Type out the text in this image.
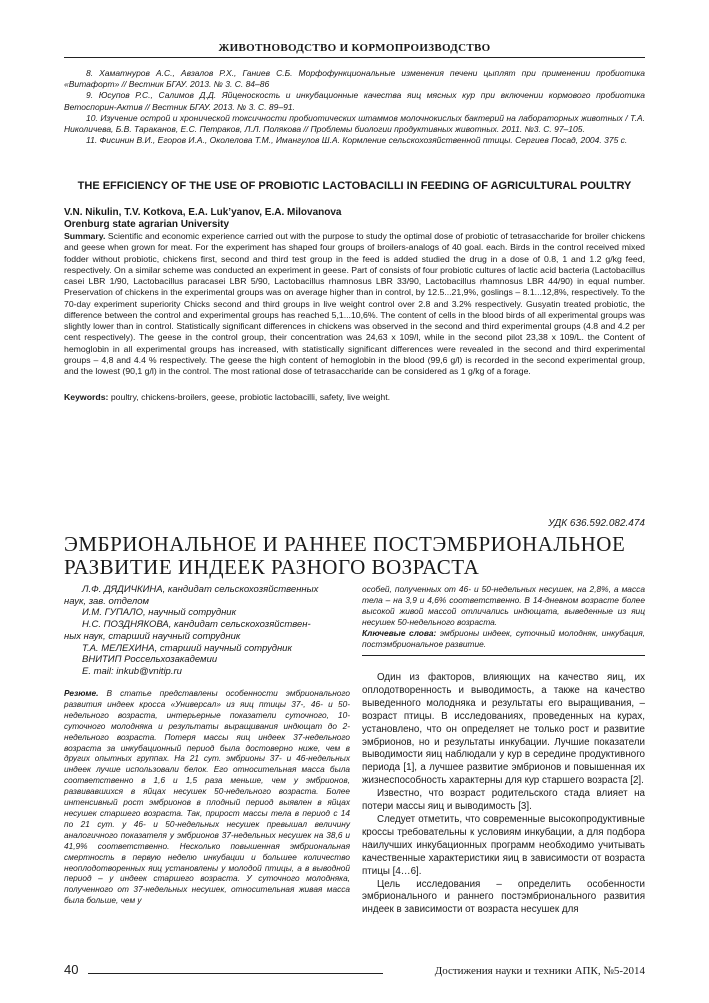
ЖИВОТНОВОДСТВО И КОРМОПРОИЗВОДСТВО

8. Хаматнуров А.С., Авзалов Р.Х., Ганиев С.Б. Морфофункциональные изменения печени цыплят при применении пробиотика «Витафорт» // Вестник БГАУ. 2013. № 3. С. 84–86

9. Юсупов Р.С., Салимов Д.Д. Яйценоскость и инкубационные качества яиц мясных кур при включении кормового пробиотика Ветоспорин-Актив // Вестник БГАУ. 2013. № 3. С. 89–91.

10. Изучение острой и хронической токсичности пробиотических штаммов молочнокислых бактерий на лабораторных животных / Т.А. Николичева, Б.В. Тараканов, Е.С. Петраков, Л.Л. Полякова // Проблемы биологии продуктивных животных. 2011. №3. С. 97–105.

11. Фисинин В.И., Егоров И.А., Околелова Т.М., Имангулов Ш.А. Кормление сельскохозяйственной птицы. Сергиев Посад, 2004. 375 с.

THE EFFICIENCY OF THE USE OF PROBIOTIC LACTOBACILLI IN FEEDING OF AGRICULTURAL POULTRY
V.N. Nikulin, T.V. Kotkova, E.A. Luk’yanov, E.A. Milovanova
Orenburg state agrarian University

Summary. Scientific and economic experience carried out with the purpose to study the optimal dose of probiotic of tetrasaccharide for broiler chickens and geese when grown for meat. For the experiment has shaped four groups of broilers-analogs of 40 goal. each. Birds in the control received mixed fodder without probiotic, chickens first, second and third test group in the feed is added studied the drug in a dose of 0.8, 1 and 1.2 g/kg feed, respectively. On a similar scheme was conducted an experiment in geese. Part of consists of four probiotic cultures of lactic acid bacteria (Lactobacillus casei LBR 1/90, Lactobacillus paracasei LBR 5/90, Lactobacillus rhamnosus LBR 33/90, Lactobacillus rhamnosus LBR 44/90) in equal number. Preservation of chickens in the experimental groups was on average higher than in control, by 12.5...21,9%, goslings – 8.1...12,8%, respectively. To the 70-day experiment superiority Chicks second and third groups in live weight control over 2.8 and 3.2% respectively. Gusyatin treated probiotic, the difference between the control and experimental groups has reached 5,1...10,6%. The content of cells in the blood birds of all experimental groups was slightly lower than in control. Statistically significant differences in chickens was observed in the second and third experimental groups (4.8 and 4.2 per cent respectively). The geese in the control group, their concentration was 24,63 x 109/l, while in the second pilot 23,38 x 109/L. the Content of hemoglobin in all experimental groups has increased, with statistically significant differences were revealed in the second and third experimental groups – 4,8 and 4.4 % respectively. The geese the high content of hemoglobin in the blood (99,6 g/l) is recorded in the second experimental group, and the lowest (90,1 g/l) in the control. The most rational dose of tetrasaccharide can be considered as 1 g/kg of a forage.

Keywords: poultry, chickens-broilers, geese, probiotic lactobacilli, safety, live weight.
УДК 636.592.082.474
ЭМБРИОНАЛЬНОЕ И РАННЕЕ ПОСТЭМБРИОНАЛЬНОЕ
РАЗВИТИЕ ИНДЕЕК РАЗНОГО ВОЗРАСТА
Л.Ф. ДЯДИЧКИНА, кандидат сельскохозяйственных
наук, зав. отделом
И.М. ГУПАЛО, научный сотрудник
Н.С. ПОЗДНЯКОВА, кандидат сельскохозяйствен-
ных наук, старший научный сотрудник
Т.А. МЕЛЕХИНА, старший научный сотрудник
ВНИТИП Россельхозакадемии
E. mail: inkub@vnitip.ru

Резюме. В статье представлены особенности эмбрионального развития индеек кросса «Универсал» из яиц птицы 37-, 46- и 50-недельного возраста, интерьерные показатели суточного, 10-суточного молодняка и результаты выращивания индющат до 2-недельного возраста. Потеря массы яиц индеек 37-недельного возраста за инкубационный период была достоверно ниже, чем в других опытных группах. На 21 сут. эмбрионы 37- и 46-недельных индеек лучше использовали белок. Его относительная масса была соответственно в 1,6 и 1,5 раза меньше, чем у эмбрионов, развивавшихся в яйцах несушек 50-недельного возраста. Более интенсивный рост эмбрионов в плодный период выявлен в яйцах несушек старшего возраста. Так, прирост массы тела в период с 14 по 21 сут. у 46- и 50-недельных несушек превышал величину аналогичного показателя у эмбрионов 37-недельных несушек на 38,6 и 41,9% соответственно. Несколько повышенная эмбриональная смертность в первую неделю инкубации и большее количество неоплодотворенных яиц установлены у молодой птицы, а в выводной период – у индеек старшего возраста. У суточного молодняка, полученного от 37-недельных несушек, относительная живая масса была больше, чем у

особей, полученных от 46- и 50-недельных несушек, на 2,8%, а масса тела – на 3,9 и 4,6% соответственно. В 14-дневном возрасте более высокой живой массой отличались индющата, выведенные из яиц несушек 50-недельного возраста.

Ключевые слова: эмбрионы индеек, суточный молодняк, инкубация, постэмбриональное развитие.

Один из факторов, влияющих на качество яиц, их оплодотворенность и выводимость, а также на качество выведенного молодняка и результаты его выращивания, – возраст птицы. В исследованиях, проведенных на курах, установлено, что он определяет не только рост и развитие эмбрионов, но и результаты инкубации. Лучшие показатели выводимости яиц наблюдали у кур в середине продуктивного периода [1], а лучшее развитие эмбрионов и повышенная их жизнеспособность характерны для кур старшего возраста [2].

Известно, что возраст родительского стада влияет на потери массы яиц и выводимость [3].

Следует отметить, что современные высокопродуктивные кроссы требовательны к условиям инкубации, а для подбора наилучших инкубационных программ необходимо учитывать качественные характеристики яиц в зависимости от возраста птицы [4…6].

Цель исследования – определить особенности эмбрионального и раннего постэмбрионального развития индеек в зависимости от возраста несушек для

40	Достижения науки и техники АПК, №5-2014
